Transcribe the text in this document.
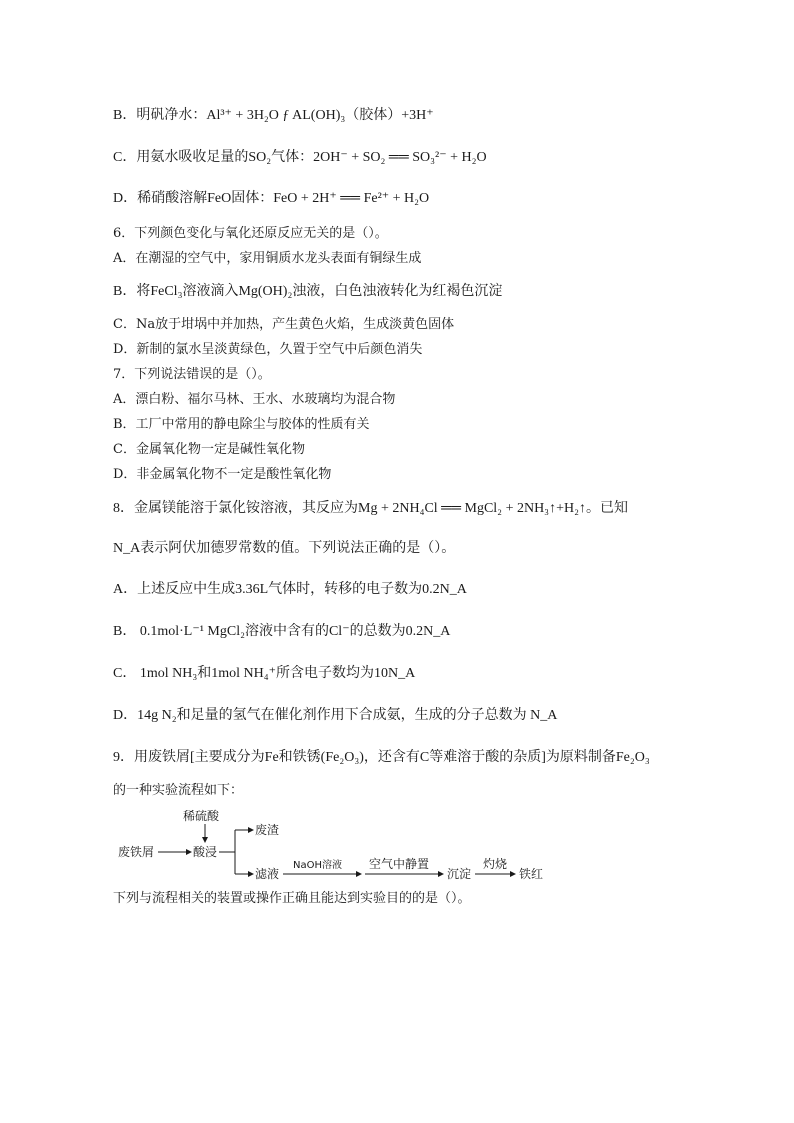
B．明矾净水：Al³⁺ + 3H₂O ƒ AL(OH)₃（胶体）+3H⁺
C．用氨水吸收足量的SO₂气体：2OH⁻ + SO₂ ══ SO₃²⁻ + H₂O
D．稀硝酸溶解FeO固体：FeO + 2H⁺ ══ Fe²⁺ + H₂O
6．下列颜色变化与氧化还原反应无关的是（）。
A．在潮湿的空气中，家用铜质水龙头表面有铜绿生成
B．将FeCl₃溶液滴入Mg(OH)₂浊液，白色浊液转化为红褐色沉淀
C．Na放于坩埚中并加热，产生黄色火焰，生成淡黄色固体
D．新制的氯水呈淡黄绿色，久置于空气中后颜色消失
7．下列说法错误的是（）。
A．漂白粉、福尔马林、王水、水玻璃均为混合物
B．工厂中常用的静电除尘与胶体的性质有关
C．金属氧化物一定是碱性氧化物
D．非金属氧化物不一定是酸性氧化物
8．金属镁能溶于氯化铵溶液，其反应为Mg + 2NH₄Cl ══ MgCl₂ + 2NH₃↑+H₂↑。已知
N_A表示阿伏加德罗常数的值。下列说法正确的是（）。
A．上述反应中生成3.36L气体时，转移的电子数为0.2N_A
B． 0.1mol·L⁻¹ MgCl₂溶液中含有的Cl⁻的总数为0.2N_A
C． 1mol NH₃和1mol NH₄⁺所含电子数均为10N_A
D．14g N₂和足量的氢气在催化剂作用下合成氨，生成的分子总数为 N_A
9．用废铁屑[主要成分为Fe和铁锈(Fe₂O₃)，还含有C等难溶于酸的杂质]为原料制备Fe₂O₃
的一种实验流程如下：
稀硫酸
废铁屑	酸浸
废渣
滤液
NaOH溶液 空气中静置
沉淀
灼烧
铁红
下列与流程相关的装置或操作正确且能达到实验目的的是（）。
